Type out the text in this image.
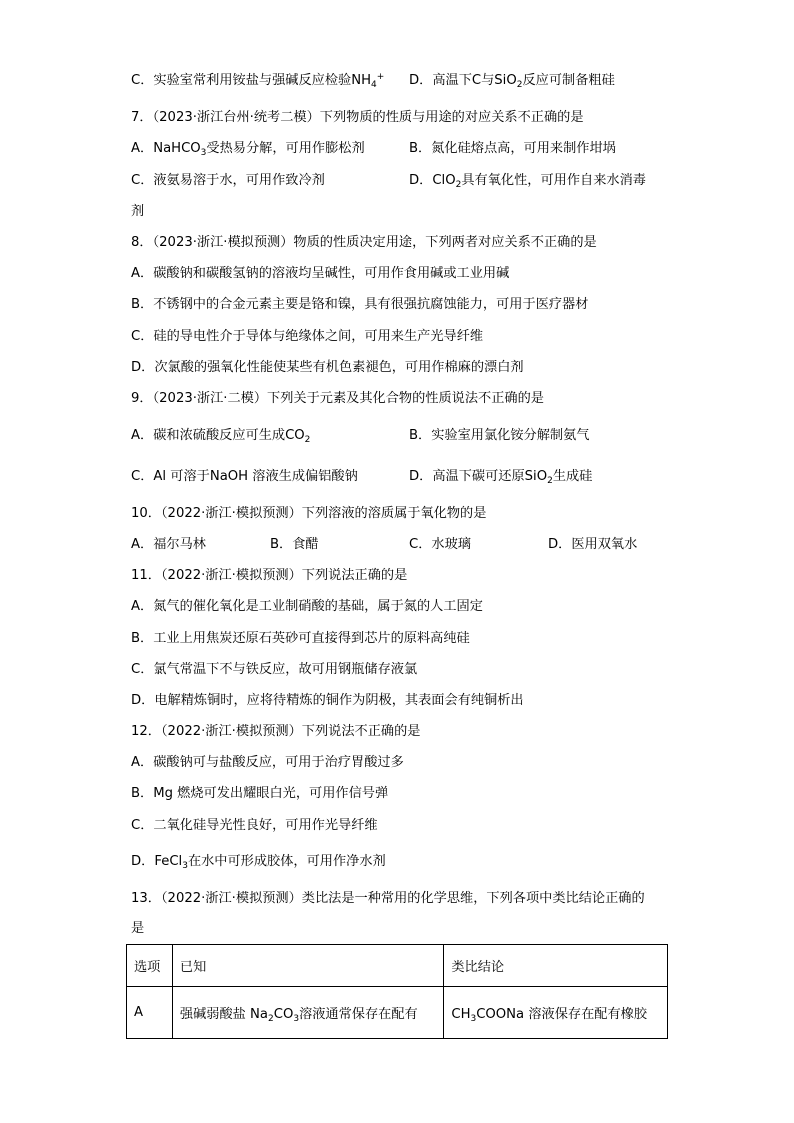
C．实验室常利用铵盐与强碱反应检验$NH_4^+$ D．高温下C与SiO$_2$反应可制备粗硅
7．（2023·浙江台州·统考二模）下列物质的性质与用途的对应关系不正确的是
A．NaHCO$_3$受热易分解，可用作膨松剂	B．氮化硅熔点高，可用来制作坩埚
C．液氨易溶于水，可用作致冷剂	D．ClO$_2$具有氧化性，可用作自来水消毒
剂
8．（2023·浙江·模拟预测）物质的性质决定用途，下列两者对应关系不正确的是
A．碳酸钠和碳酸氢钠的溶液均呈碱性，可用作食用碱或工业用碱
B．不锈钢中的合金元素主要是铬和镍，具有很强抗腐蚀能力，可用于医疗器材
C．硅的导电性介于导体与绝缘体之间，可用来生产光导纤维
D．次氯酸的强氧化性能使某些有机色素褪色，可用作棉麻的漂白剂
9．（2023·浙江·二模）下列关于元素及其化合物的性质说法不正确的是
A．碳和浓硫酸反应可生成$CO_2$	B．实验室用氯化铵分解制氨气
C．Al 可溶于NaOH 溶液生成偏铝酸钠	D．高温下碳可还原SiO$_2$生成硅
10．（2022·浙江·模拟预测）下列溶液的溶质属于氧化物的是
A．福尔马林	B．食醋	C．水玻璃	D．医用双氧水
11．（2022·浙江·模拟预测）下列说法正确的是
A．氮气的催化氧化是工业制硝酸的基础，属于氮的人工固定
B．工业上用焦炭还原石英砂可直接得到芯片的原料高纯硅
C．氯气常温下不与铁反应，故可用钢瓶储存液氯
D．电解精炼铜时，应将待精炼的铜作为阴极，其表面会有纯铜析出
12．（2022·浙江·模拟预测）下列说法不正确的是
A．碳酸钠可与盐酸反应，可用于治疗胃酸过多
B．Mg 燃烧可发出耀眼白光，可用作信号弹
C．二氧化硅导光性良好，可用作光导纤维
D．FeCl$_3$在水中可形成胶体，可用作净水剂
13．（2022·浙江·模拟预测）类比法是一种常用的化学思维，下列各项中类比结论正确的
是
选项	已知	类比结论
A	强碱弱酸盐 $Na_2CO_3$溶液通常保存在配有	$CH_3COONa$ 溶液保存在配有橡胶
